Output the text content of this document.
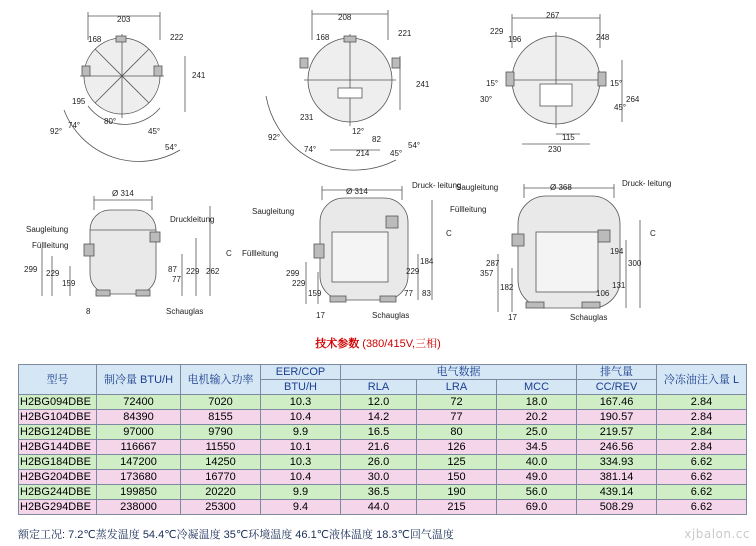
203
168	222
241
195
74°
92°
80°
45°
54°
208
168	221
241
231
92°
74°
12°
82
214	45°
54°
267
229
196	248
15°
30°
15°
45°
264
115
230
Ø 314
Saugleitung
Füllleitung
Druckleitung
Schauglas
C
299 229
159
8
87
77
229 262
Ø 314
Saugleitung
Füllleitung
Druck- leitung
Schauglas
C
299
229
159
17
184
229
77 83
Ø 368
Saugleitung
Füllleitung
Druck- leitung
Schauglas
C
287
357
182
17
194
300
131
106
技术参数 (380/415V,三相)
型号	制冷量 BTU/H	电机输入功率	EER/COP	电气数据			排气量	冷冻油注入量 L
			BTU/H	RLA	LRA	MCC	CC/REV	
H2BG094DBE	72400	7020	10.3	12.0	72	18.0	167.46	2.84
H2BG104DBE	84390	8155	10.4	14.2	77	20.2	190.57	2.84
H2BG124DBE	97000	9790	9.9	16.5	80	25.0	219.57	2.84
H2BG144DBE	116667	11550	10.1	21.6	126	34.5	246.56	2.84
H2BG184DBE	147200	14250	10.3	26.0	125	40.0	334.93	6.62
H2BG204DBE	173680	16770	10.4	30.0	150	49.0	381.14	6.62
H2BG244DBE	199850	20220	9.9	36.5	190	56.0	439.14	6.62
H2BG294DBE	238000	25300	9.4	44.0	215	69.0	508.29	6.62
额定工况: 7.2℃蒸发温度 54.4℃冷凝温度 35℃环境温度 46.1℃液体温度 18.3℃回气温度	xjbalon.cc
